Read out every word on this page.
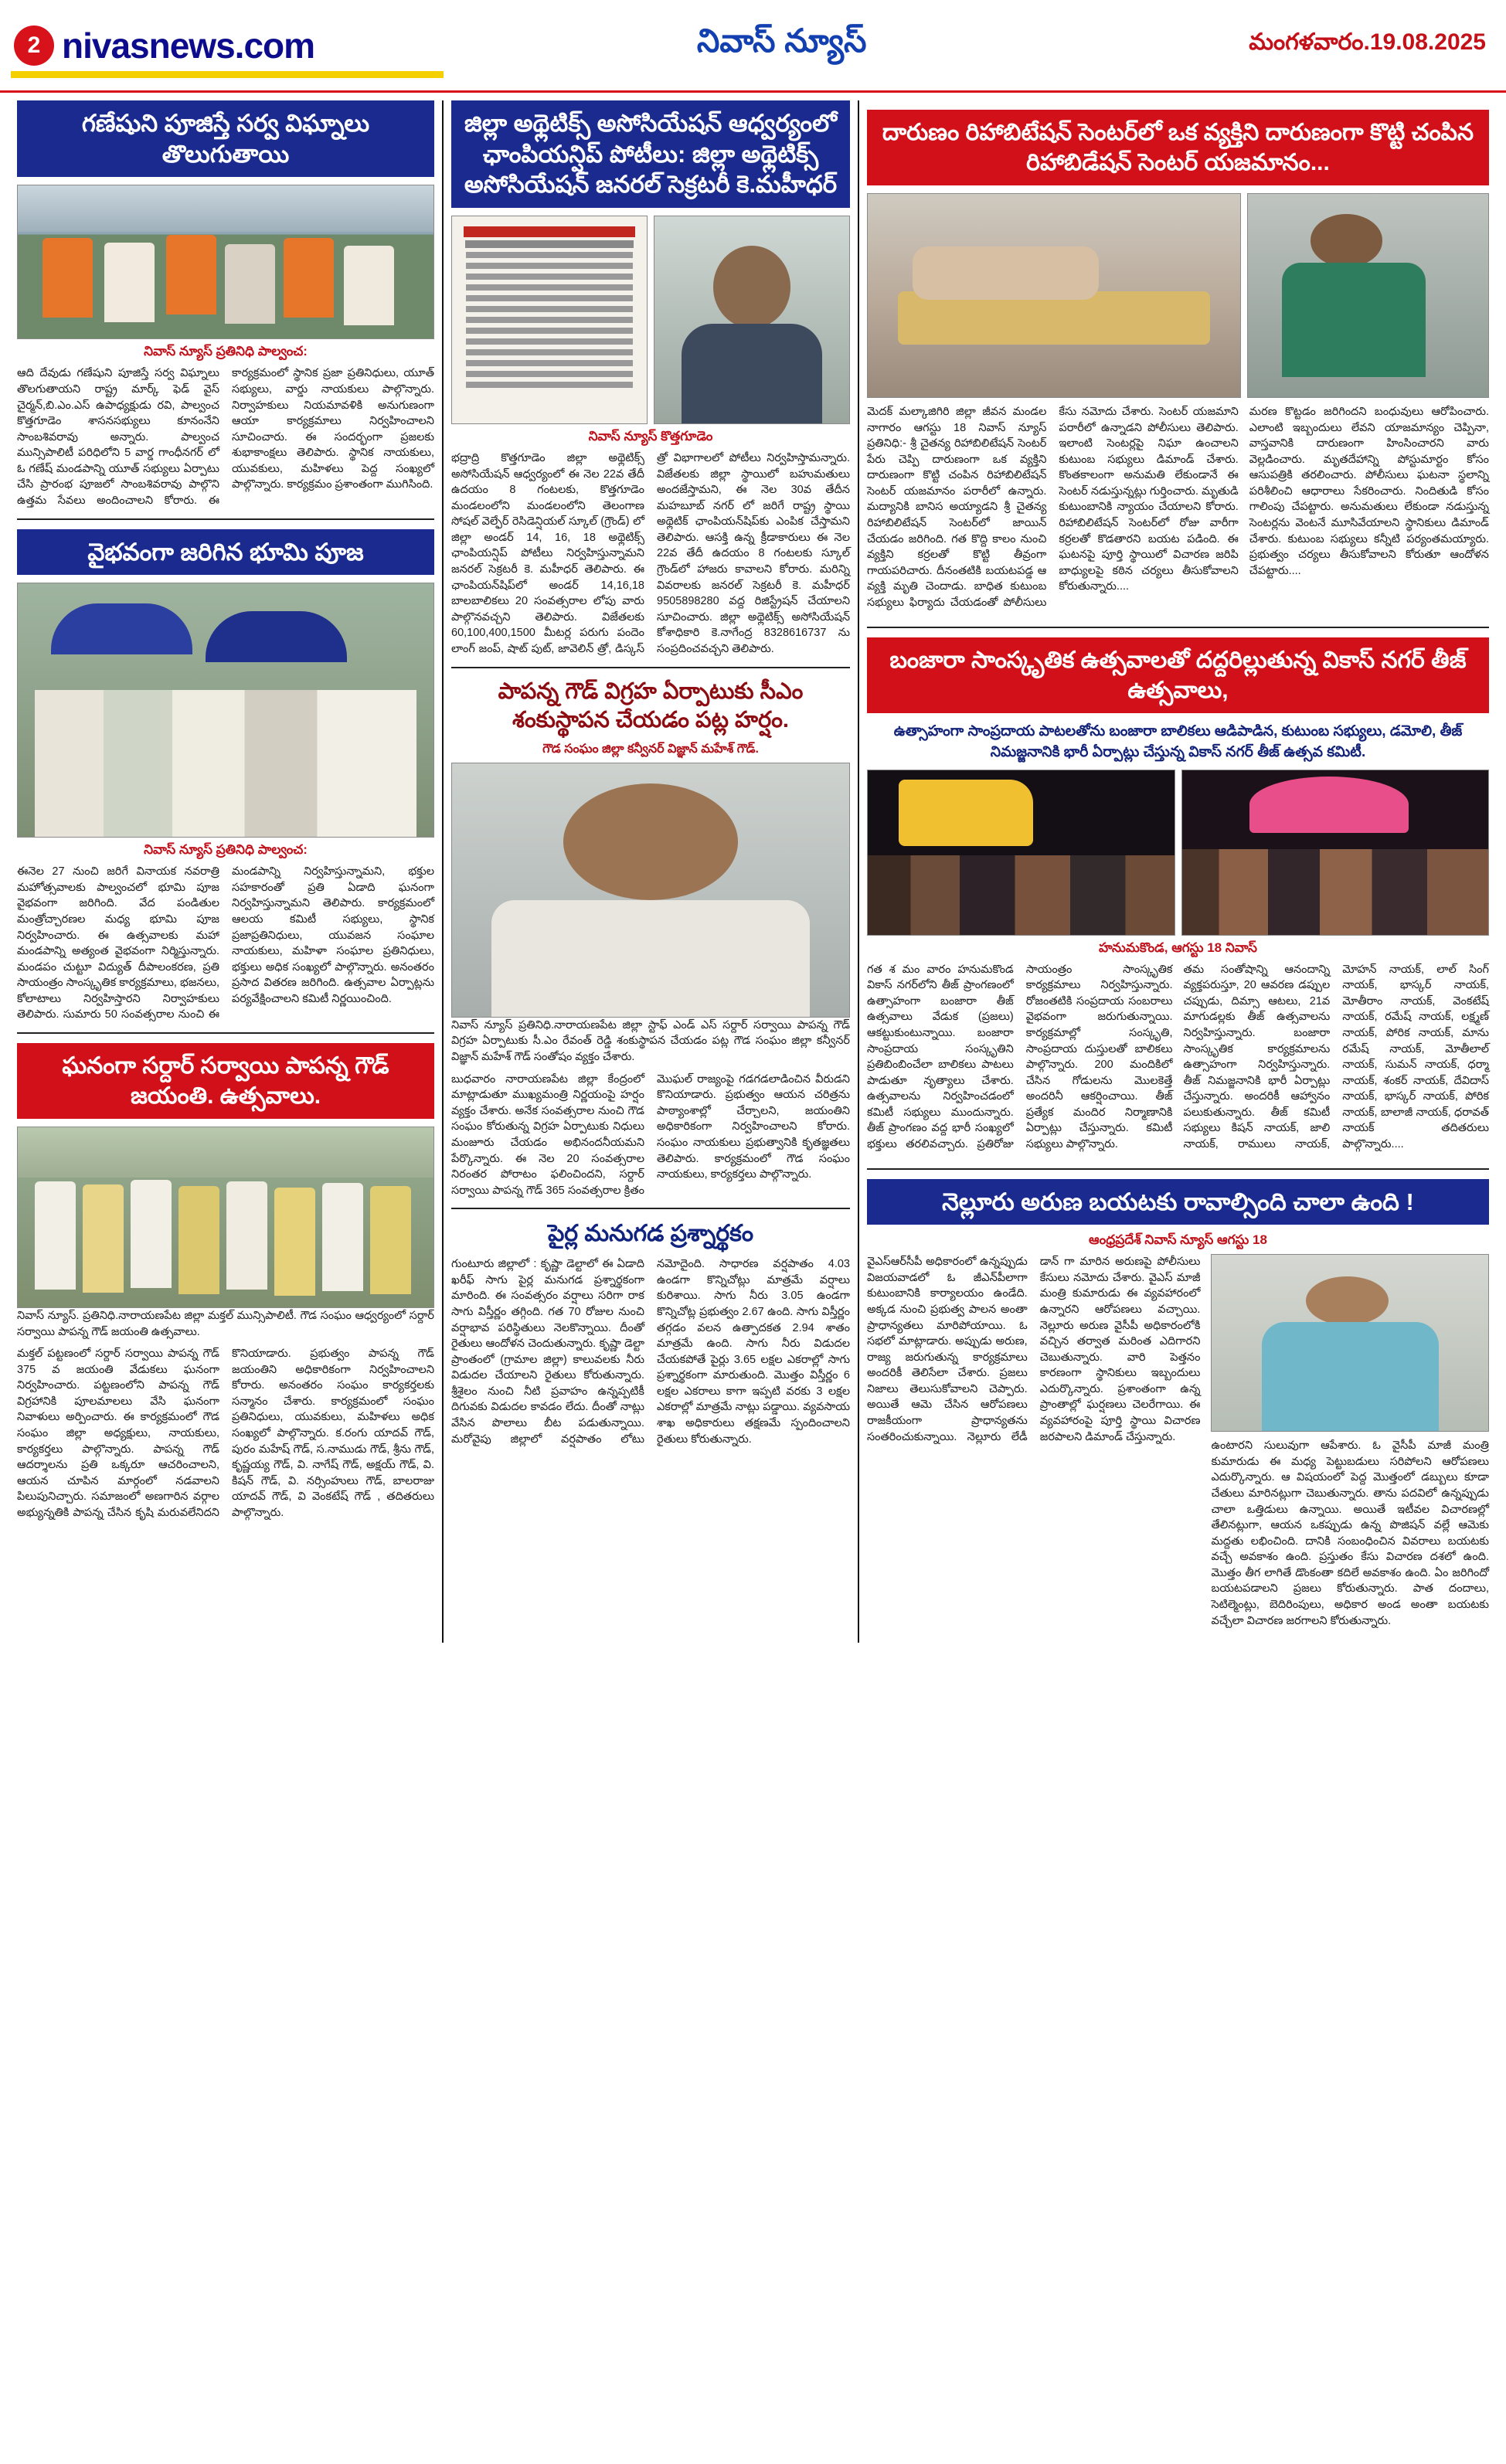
2 nivasnews.com	నివాస్ న్యూస్	మంగళవారం.19.08.2025
గణేషుని పూజిస్తే సర్వ విఘ్నాలు తొలుగుతాయి
నివాస్ న్యూస్ ప్రతినిధి పాల్వంచ:
ఆది దేవుడు గణేషుని పూజిస్తే సర్వ విఘ్నాలు తొలగుతాయని రాష్ట్ర మార్క్ ఫెడ్ వైస్ చైర్మన్,బి.ఎం.ఎస్ ఉపాధ్యక్షుడు రవి, పాల్వంచ కొత్తగూడెం శాసనసభ్యులు కూనంనేని సాంబశివరావు అన్నారు. పాల్వంచ మున్సిపాలిటీ పరిధిలోని 5 వార్డ గాంధీనగర్ లో ఓ గణేష్ మండపాన్ని యూత్ సభ్యులు ఏర్పాటు చేసి ప్రారంభ పూజలో సాంబశివరావు పాల్గొని ఉత్తమ సేవలు అందించాలని కోరారు. ఈ కార్యక్రమంలో స్థానిక ప్రజా ప్రతినిధులు, యూత్ సభ్యులు, వార్డు నాయకులు పాల్గొన్నారు. నిర్వాహకులు నియమావళికి అనుగుణంగా ఆయా కార్యక్రమాలు నిర్వహించాలని సూచించారు. ఈ సందర్భంగా ప్రజలకు శుభాకాంక్షలు తెలిపారు. స్థానిక నాయకులు, యువకులు, మహిళలు పెద్ద సంఖ్యలో పాల్గొన్నారు. కార్యక్రమం ప్రశాంతంగా ముగిసింది.
వైభవంగా జరిగిన భూమి పూజ
నివాస్ న్యూస్ ప్రతినిధి పాల్వంచ:
ఈనెల 27 నుంచి జరిగే వినాయక నవరాత్రి మహోత్సవాలకు పాల్వంచలో భూమి పూజ వైభవంగా జరిగింది. వేద పండితుల మంత్రోచ్చారణల మధ్య భూమి పూజ నిర్వహించారు. ఈ ఉత్సవాలకు మహా మండపాన్ని అత్యంత వైభవంగా నిర్మిస్తున్నారు. మండపం చుట్టూ విద్యుత్ దీపాలంకరణ, ప్రతి సాయంత్రం సాంస్కృతిక కార్యక్రమాలు, భజనలు, కోలాటాలు నిర్వహిస్తారని నిర్వాహకులు తెలిపారు. సుమారు 50 సంవత్సరాల నుంచి ఈ మండపాన్ని నిర్వహిస్తున్నామని, భక్తుల సహకారంతో ప్రతి ఏడాది ఘనంగా నిర్వహిస్తున్నామని తెలిపారు. కార్యక్రమంలో ఆలయ కమిటీ సభ్యులు, స్థానిక ప్రజాప్రతినిధులు, యువజన సంఘాల నాయకులు, మహిళా సంఘాల ప్రతినిధులు, భక్తులు అధిక సంఖ్యలో పాల్గొన్నారు. అనంతరం ప్రసాద వితరణ జరిగింది. ఉత్సవాల ఏర్పాట్లను పర్యవేక్షించాలని కమిటీ నిర్ణయించింది.
ఘనంగా సర్దార్ సర్వాయి పాపన్న గౌడ్ జయంతి. ఉత్సవాలు.
నివాస్ న్యూస్. ప్రతినిధి.నారాయణపేట జిల్లా మక్తల్ మున్సిపాలిటీ. గౌడ సంఘం ఆధ్వర్యంలో సర్దార్ సర్వాయి పాపన్న గౌడ్ జయంతి ఉత్సవాలు.
మక్తల్ పట్టణంలో సర్దార్ సర్వాయి పాపన్న గౌడ్ 375 వ జయంతి వేడుకలు ఘనంగా నిర్వహించారు. పట్టణంలోని పాపన్న గౌడ్ విగ్రహానికి పూలమాలలు వేసి ఘనంగా నివాళులు అర్పించారు. ఈ కార్యక్రమంలో గౌడ సంఘం జిల్లా అధ్యక్షులు, నాయకులు, కార్యకర్తలు పాల్గొన్నారు. పాపన్న గౌడ్ ఆదర్శాలను ప్రతి ఒక్కరూ ఆచరించాలని, ఆయన చూపిన మార్గంలో నడవాలని పిలుపునిచ్చారు. సమాజంలో అణగారిన వర్గాల అభ్యున్నతికి పాపన్న చేసిన కృషి మరువలేనిదని కొనియాడారు. ప్రభుత్వం పాపన్న గౌడ్ జయంతిని అధికారికంగా నిర్వహించాలని కోరారు. అనంతరం సంఘం కార్యకర్తలకు సన్మానం చేశారు. కార్యక్రమంలో సంఘం ప్రతినిధులు, యువకులు, మహిళలు అధిక సంఖ్యలో పాల్గొన్నారు. క.రంగు యాదవ్ గౌడ్, పురం మహేష్ గౌడ్, స.నాముడు గౌడ్, శ్రీను గౌడ్, కృష్ణయ్య గౌడ్, వి. నాగేష్ గౌడ్, అక్షయ్ గౌడ్, వి. కిషన్ గౌడ్, వి. నర్సింహులు గౌడ్, బాలరాజు యాదవ్ గౌడ్, వి వెంకటేష్ గౌడ్ , తదితరులు పాల్గొన్నారు.
జిల్లా అథ్లెటిక్స్ అసోసియేషన్ ఆధ్వర్యంలో ఛాంపియన్షిప్ పోటీలు: జిల్లా అథ్లెటిక్స్ అసోసియేషన్ జనరల్ సెక్రటరీ కె.మహీధర్
నివాస్ న్యూస్ కొత్తగూడెం
భద్రాద్రి కొత్తగూడెం జిల్లా అథ్లెటిక్స్ అసోసియేషన్ ఆధ్వర్యంలో ఈ నెల 22వ తేదీ ఉదయం 8 గంటలకు, కొత్తగూడెం మండలంలోని మండలంలోని తెలంగాణ సోషల్ వెల్ఫేర్ రెసిడెన్షియల్ స్కూల్ (గ్రౌండ్) లో జిల్లా అండర్ 14, 16, 18 అథ్లెటిక్స్ ఛాంపియన్షిప్ పోటీలు నిర్వహిస్తున్నామని జనరల్ సెక్రటరీ కె. మహీధర్ తెలిపారు. ఈ ఛాంపియన్‌షిప్‌లో అండర్ 14,16,18 బాలబాలికలు 20 సంవత్సరాల లోపు వారు పాల్గొనవచ్చని తెలిపారు. విజేతలకు 60,100,400,1500 మీటర్ల పరుగు పందెం లాంగ్ జంప్, షాట్ పుట్, జావెలిన్ త్రో, డిస్కస్ త్రో విభాగాలలో పోటీలు నిర్వహిస్తామన్నారు. విజేతలకు జిల్లా స్థాయిలో బహుమతులు అందజేస్తామని, ఈ నెల 30వ తేదీన మహబూబ్ నగర్ లో జరిగే రాష్ట్ర స్థాయి అథ్లెటిక్ ఛాంపియన్‌షిప్‌కు ఎంపిక చేస్తామని తెలిపారు. ఆసక్తి ఉన్న క్రీడాకారులు ఈ నెల 22వ తేదీ ఉదయం 8 గంటలకు స్కూల్ గ్రౌండ్‌లో హాజరు కావాలని కోరారు. మరిన్ని వివరాలకు జనరల్ సెక్రటరీ కె. మహీధర్ 9505898280 వద్ద రిజిస్ట్రేషన్ చేయాలని సూచించారు. జిల్లా అథ్లెటిక్స్ అసోసియేషన్ కోశాధికారి కె.నాగేంద్ర 8328616737 ను సంప్రదించవచ్చని తెలిపారు.
పాపన్న గౌడ్ విగ్రహ ఏర్పాటుకు సీఎం శంకుస్థాపన చేయడం పట్ల హర్షం.
గౌడ సంఘం జిల్లా కన్వీనర్ విజ్ఞాన్ మహేశ్ గౌడ్.
నివాస్ న్యూస్ ప్రతినిధి.నారాయణపేట జిల్లా స్టాఫ్ ఎండ్ ఎస్ సర్దార్ సర్వాయి పాపన్న గౌడ్ విగ్రహ ఏర్పాటుకు సీ.ఎం రేవంత్ రెడ్డి శంకుస్థాపన చేయడం పట్ల గౌడ సంఘం జిల్లా కన్వీనర్ విజ్ఞాన్ మహేశ్ గౌడ్ సంతోషం వ్యక్తం చేశారు.
బుధవారం నారాయణపేట జిల్లా కేంద్రంలో మాట్లాడుతూ ముఖ్యమంత్రి నిర్ణయంపై హర్షం వ్యక్తం చేశారు. అనేక సంవత్సరాల నుంచి గౌడ సంఘం కోరుతున్న విగ్రహ ఏర్పాటుకు నిధులు మంజూరు చేయడం అభినందనీయమని పేర్కొన్నారు. ఈ నెల 20 సంవత్సరాల నిరంతర పోరాటం ఫలించిందని, సర్దార్ సర్వాయి పాపన్న గౌడ్ 365 సంవత్సరాల క్రితం మొఘల్ రాజ్యంపై గడగడలాడించిన వీరుడని కొనియాడారు. ప్రభుత్వం ఆయన చరిత్రను పాఠ్యాంశాల్లో చేర్చాలని, జయంతిని అధికారికంగా నిర్వహించాలని కోరారు. సంఘం నాయకులు ప్రభుత్వానికి కృతజ్ఞతలు తెలిపారు. కార్యక్రమంలో గౌడ సంఘం నాయకులు, కార్యకర్తలు పాల్గొన్నారు.
పైర్ల మనుగడ ప్రశ్నార్థకం
గుంటూరు జిల్లాలో : కృష్ణా డెల్టాలో ఈ ఏడాది ఖరీఫ్ సాగు పైర్ల మనుగడ ప్రశ్నార్థకంగా మారింది. ఈ సంవత్సరం వర్షాలు సరిగా రాక సాగు విస్తీర్ణం తగ్గింది. గత 70 రోజుల నుంచి వర్షాభావ పరిస్థితులు నెలకొన్నాయి. దీంతో రైతులు ఆందోళన చెందుతున్నారు. కృష్ణా డెల్టా ప్రాంతంలో (గ్రామాల జిల్లా) కాలువలకు నీరు విడుదల చేయాలని రైతులు కోరుతున్నారు. శ్రీశైలం నుంచి నీటి ప్రవాహం ఉన్నప్పటికీ దిగువకు విడుదల కావడం లేదు. దీంతో నాట్లు వేసిన పొలాలు బీట పడుతున్నాయి. మరోవైపు జిల్లాలో వర్షపాతం లోటు నమోదైంది. సాధారణ వర్షపాతం 4.03 ఉండగా కొన్నిచోట్లు మాత్రమే వర్షాలు కురిశాయి. సాగు నీరు 3.05 ఉండగా కొన్నిచోట్ల ప్రభుత్వం 2.67 ఉంది. సాగు విస్తీర్ణం తగ్గడం వలన ఉత్పాదకత 2.94 శాతం మాత్రమే ఉంది. సాగు నీరు విడుదల చేయకపోతే పైర్లు 3.65 లక్షల ఎకరాల్లో సాగు ప్రశ్నార్థకంగా మారుతుంది. మొత్తం విస్తీర్ణం 6 లక్షల ఎకరాలు కాగా ఇప్పటి వరకు 3 లక్షల ఎకరాల్లో మాత్రమే నాట్లు పడ్డాయి. వ్యవసాయ శాఖ అధికారులు తక్షణమే స్పందించాలని రైతులు కోరుతున్నారు.
దారుణం రిహాబిటేషన్ సెంటర్‌లో ఒక వ్యక్తిని దారుణంగా కొట్టి చంపిన రిహాబిడేషన్ సెంటర్ యజమానం...
మెదక్ మల్కాజిగిరి జిల్లా జీవన మండల నాగారం ఆగస్టు 18 నివాస్ న్యూస్ ప్రతినిధి:- శ్రీ చైతన్య రిహాబిలిటేషన్ సెంటర్ పేరు చెప్పి దారుణంగా ఒక వ్యక్తిని దారుణంగా కొట్టి చంపిన రిహాబిలిటేషన్ సెంటర్ యజమానం పరారీలో ఉన్నారు. మద్యానికి బానిస అయ్యాడని శ్రీ చైతన్య రిహాబిలిటేషన్ సెంటర్‌లో జాయిన్ చేయడం జరిగింది. గత కొద్ది కాలం నుంచి వ్యక్తిని కర్రలతో కొట్టి తీవ్రంగా గాయపరిచారు. దీనంతటికి బయటపడ్డ ఆ వ్యక్తి మృతి చెందాడు. బాధిత కుటుంబ సభ్యులు ఫిర్యాదు చేయడంతో పోలీసులు కేసు నమోదు చేశారు. సెంటర్ యజమాని పరారీలో ఉన్నాడని పోలీసులు తెలిపారు. ఇలాంటి సెంటర్లపై నిఘా ఉంచాలని కుటుంబ సభ్యులు డిమాండ్ చేశారు. కొంతకాలంగా అనుమతి లేకుండానే ఈ సెంటర్ నడుస్తున్నట్లు గుర్తించారు. మృతుడి కుటుంబానికి న్యాయం చేయాలని కోరారు. రిహాబిలిటేషన్ సెంటర్‌లో రోజు వారీగా కర్రలతో కొడతారని బయట పడింది. ఈ ఘటనపై పూర్తి స్థాయిలో విచారణ జరిపి బాధ్యులపై కఠిన చర్యలు తీసుకోవాలని కోరుతున్నారు....
మరణ కొట్టడం జరిగిందని బంధువులు ఆరోపించారు. ఎలాంటి ఇబ్బందులు లేవని యాజమాన్యం చెప్పినా, వాస్తవానికి దారుణంగా హింసించారని వారు వెల్లడించారు. మృతదేహాన్ని పోస్టుమార్టం కోసం ఆసుపత్రికి తరలించారు. పోలీసులు ఘటనా స్థలాన్ని పరిశీలించి ఆధారాలు సేకరించారు. నిందితుడి కోసం గాలింపు చేపట్టారు. అనుమతులు లేకుండా నడుస్తున్న సెంటర్లను వెంటనే మూసివేయాలని స్థానికులు డిమాండ్ చేశారు. కుటుంబ సభ్యులు కన్నీటి పర్యంతమయ్యారు. ప్రభుత్వం చర్యలు తీసుకోవాలని కోరుతూ ఆందోళన చేపట్టారు....
బంజారా సాంస్కృతిక ఉత్సవాలతో దద్దరిల్లుతున్న వికాస్ నగర్ తీజ్ ఉత్సవాలు,
ఉత్సాహంగా సాంప్రదాయ పాటలతోను బంజారా బాలికలు ఆడిపాడిన, కుటుంబ సభ్యులు, డమోలి, తీజ్ నిమజ్జనానికి భారీ ఏర్పాట్లు చేస్తున్న వికాస్ నగర్ తీజ్ ఉత్సవ కమిటీ.
హనుమకొండ, ఆగస్టు 18 నివాస్
గత శ మం వారం హనుమకొండ వికాస్ నగర్‌లోని తీజ్ ప్రాంగణంలో ఉత్సాహంగా బంజారా తీజ్ ఉత్సవాలు వేడుక (ప్రజలు) ఆకట్టుకుంటున్నాయి. బంజారా సాంప్రదాయ సంస్కృతిని ప్రతిబింబించేలా బాలికలు పాటలు పాడుతూ నృత్యాలు చేశారు. ఉత్సవాలను నిర్వహించడంలో కమిటీ సభ్యులు ముందున్నారు. తీజ్ ప్రాంగణం వద్ద భారీ సంఖ్యలో భక్తులు తరలివచ్చారు. ప్రతిరోజు సాయంత్రం సాంస్కృతిక కార్యక్రమాలు నిర్వహిస్తున్నారు. రోజంతటికి సంప్రదాయ సంబరాలు వైభవంగా జరుగుతున్నాయి. కార్యక్రమాల్లో సంస్కృతి, సాంప్రదాయ దుస్తులతో బాలికలు పాల్గొన్నారు. 200 మందికిలో చేసిన గోడులను మొలకెత్తే అందరినీ ఆకర్షించాయి. తీజ్ ప్రత్యేక మందిర నిర్మాణానికి ఏర్పాట్లు చేస్తున్నారు. కమిటీ సభ్యులు పాల్గొన్నారు.
తమ సంతోషాన్ని ఆనందాన్ని వ్యక్తపరుస్తూ, 20 ఆవరణ డప్పుల చప్పుడు, దిమ్సా ఆటలు, 21వ మాగుడల్లకు తీజ్ ఉత్సవాలను నిర్వహిస్తున్నారు. బంజారా సాంస్కృతిక కార్యక్రమాలను ఉత్సాహంగా నిర్వహిస్తున్నారు. తీజ్ నిమజ్జనానికి భారీ ఏర్పాట్లు చేస్తున్నారు. అందరికీ ఆహ్వానం పలుకుతున్నారు. తీజ్ కమిటీ సభ్యులు కిషన్ నాయక్, జాలి నాయక్, రాములు నాయక్, మోహన్ నాయక్, లాల్ సింగ్ నాయక్, భాస్కర్ నాయక్, మోతీరాం నాయక్, వెంకటేష్ నాయక్, రమేష్ నాయక్, లక్ష్మణ్ నాయక్, పోరిక నాయక్, మాను రమేష్ నాయక్, మోతీలాల్ నాయక్, సుమన్ నాయక్, ధర్మా నాయక్, శంకర్ నాయక్, దేవిదాస్ నాయక్, భాస్కర్ నాయక్, పోరిక నాయక్, బాలాజీ నాయక్, ధరావత్ నాయక్ తదితరులు పాల్గొన్నారు....
నెల్లూరు అరుణ బయటకు రావాల్సింది చాలా ఉంది !
ఆంధ్రప్రదేశ్ నివాస్ న్యూస్ ఆగస్టు 18
వైఎస్ఆర్‌సీపీ అధికారంలో ఉన్నప్పుడు విజయవాడలో ఓ జీఎన్‌పీలాగా కుటుంబానికి కార్యాలయం ఉండేది. అక్కడ నుంచి ప్రభుత్వ పాలన అంతా ప్రాధాన్యతలు మారిపోయాయి. ఓ సభలో మాట్లాడారు. అప్పుడు అరుణ, రాజ్య జరుగుతున్న కార్యక్రమాలు అందరికీ తెలిసేలా చేశారు. ప్రజలు నిజాలు తెలుసుకోవాలని చెప్పారు. అయితే ఆమె చేసిన ఆరోపణలు రాజకీయంగా ప్రాధాన్యతను సంతరించుకున్నాయి. నెల్లూరు లేడీ డాన్ గా మారిన అరుణపై పోలీసులు కేసులు నమోదు చేశారు. వైఎస్ మాజీ మంత్రి కుమారుడు ఈ వ్యవహారంలో ఉన్నారని ఆరోపణలు వచ్చాయి. నెల్లూరు అరుణ వైసీపీ అధికారంలోకి వచ్చిన తర్వాత మరింత ఎదిగారని చెబుతున్నారు. వారి పెత్తనం కారణంగా స్థానికులు ఇబ్బందులు ఎదుర్కొన్నారు. ప్రశాంతంగా ఉన్న ప్రాంతాల్లో ఘర్షణలు చెలరేగాయి. ఈ వ్యవహారంపై పూర్తి స్థాయి విచారణ జరపాలని డిమాండ్ చేస్తున్నారు.
ఉంటారని సులువుగా ఆపేశారు. ఓ వైసీపీ మాజీ మంత్రి కుమారుడు ఈ మధ్య పెట్టుబడులు సరిపోలని ఆరోపణలు ఎదుర్కొన్నారు. ఆ విషయంలో పెద్ద మొత్తంలో డబ్బులు కూడా చేతులు మారినట్లుగా చెబుతున్నారు. తాను పదవిలో ఉన్నప్పుడు చాలా ఒత్తిడులు ఉన్నాయి. అయితే ఇటీవల విచారణల్లో తేలినట్లుగా, ఆయన ఒకప్పుడు ఉన్న పొజిషన్ వల్లే ఆమెకు మద్దతు లభించింది. దానికి సంబంధించిన వివరాలు బయటకు వచ్చే అవకాశం ఉంది. ప్రస్తుతం కేసు విచారణ దశలో ఉంది. మొత్తం తీగ లాగితే డొంకంతా కదిలే అవకాశం ఉంది. ఏం జరిగిందో బయటపడాలని ప్రజలు కోరుతున్నారు. పాత దందాలు, సెటిల్మెంట్లు, బెదిరింపులు, అధికార అండ అంతా బయటకు వచ్చేలా విచారణ జరగాలని కోరుతున్నారు.
